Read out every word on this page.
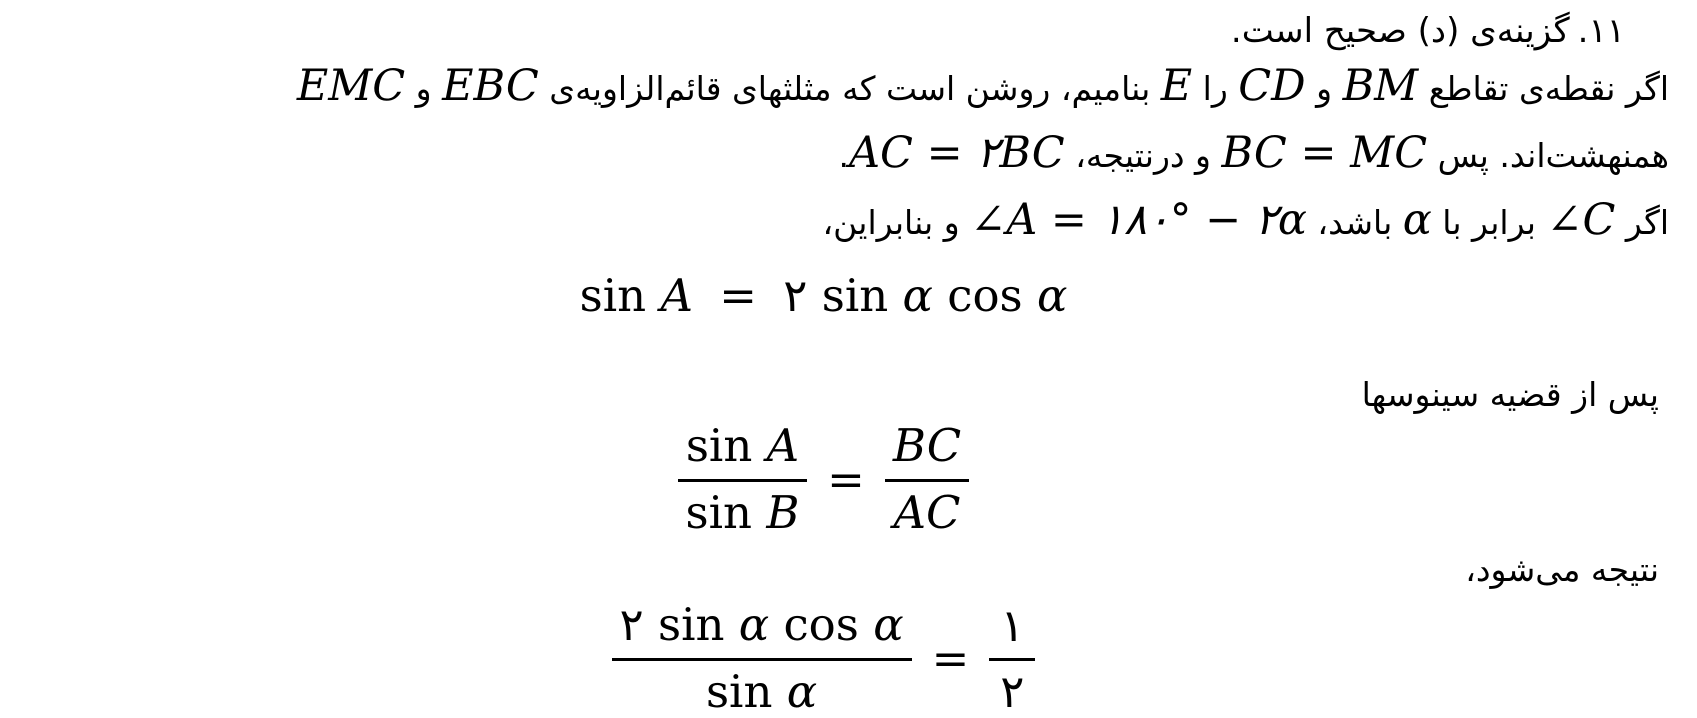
۱۱.گزینه‌ی (د) صحیح است.
اگر نقطه‌ی تقاطع BM و CD را E بنامیم، روشن است که مثلثهای قائم‌الزاویه‌ی EBC و EMC
همنهشت‌اند. پس BC = MC و درنتیجه، AC = ۲BC.
اگر ∠C برابر با α باشد، ∠A = ۱۸۰° − ۲α و بنابراین،
sin A = ۲ sin α cos α
پس از قضیه سینوسها
$\frac{\text{sin A}}{\text{sin B}} = \frac{BC}{AC}$
نتیجه می‌شود،
$\frac{\text{۲ sin α cos α}}{\text{sin α}} = \frac{۱}{۲}$
